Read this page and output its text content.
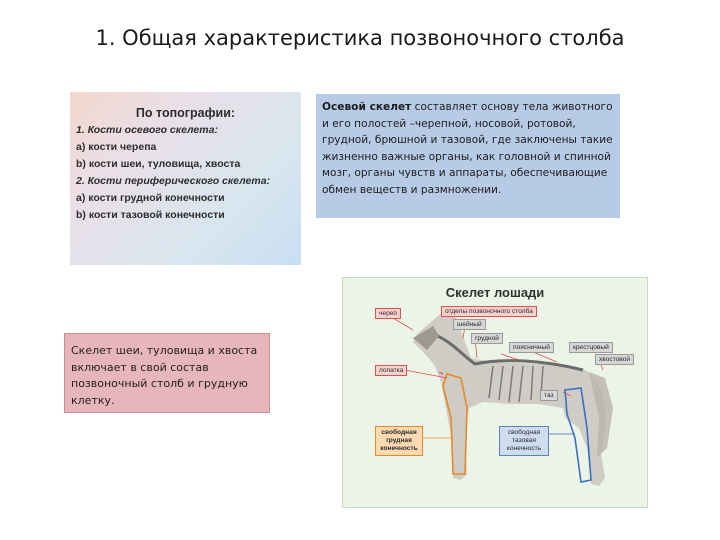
1. Общая характеристика позвоночного столба
По топографии:
1. Кости осевого скелета:
a) кости черепа
b) кости шеи, туловища, хвоста
2. Кости периферического скелета:
a) кости грудной конечности
b) кости тазовой конечности
Осевой скелет составляет основу тела животного и его полостей –черепной, носовой, ротовой, грудной, брюшной и тазовой, где заключены такие жизненно важные органы, как головной и спинной мозг, органы чувств и аппараты, обеспечивающие обмен веществ и размножении.
Скелет шеи, туловища и хвоста включает в свой состав позвоночный столб и грудную клетку.
Скелет лошади
отделы позвоночного столба
череп
шейный
грудной
поясничный	крестцовый
хвостовой
лопатка
таз
свободная грудная конечность
свободная тазовая конечность
